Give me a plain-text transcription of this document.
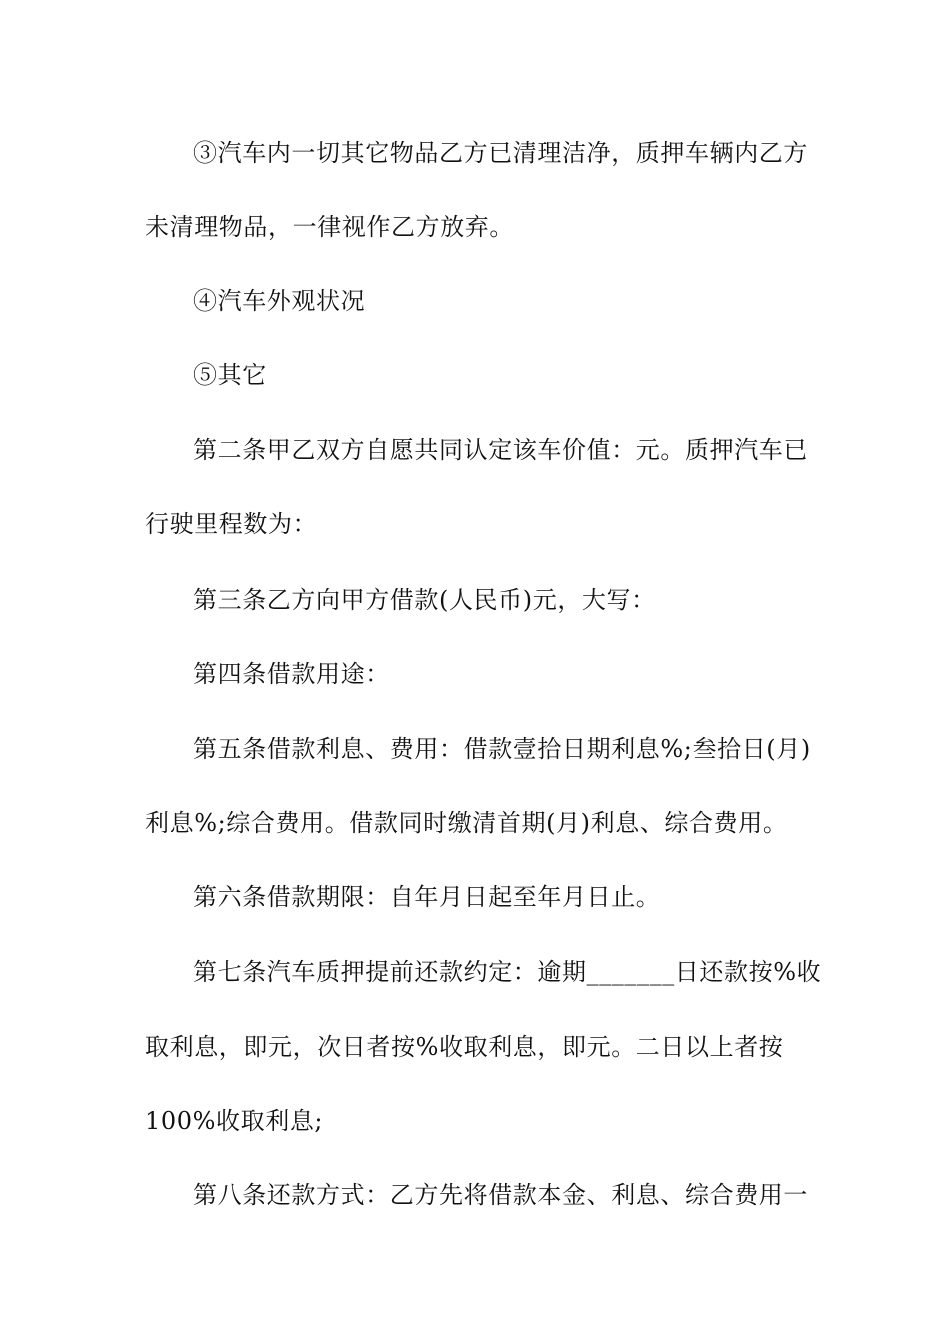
③汽车内一切其它物品乙方已清理洁净，质押车辆内乙方
未清理物品，一律视作乙方放弃。
④汽车外观状况
⑤其它
第二条甲乙双方自愿共同认定该车价值：元。质押汽车已
行驶里程数为：
第三条乙方向甲方借款(人民币)元，大写：
第四条借款用途：
第五条借款利息、费用：借款壹拾日期利息%;叁拾日(月)
利息%;综合费用。借款同时缴清首期(月)利息、综合费用。
第六条借款期限：自年月日起至年月日止。
第七条汽车质押提前还款约定：逾期_______日还款按%收
取利息，即元，次日者按%收取利息，即元。二日以上者按
100%收取利息;
第八条还款方式：乙方先将借款本金、利息、综合费用一
